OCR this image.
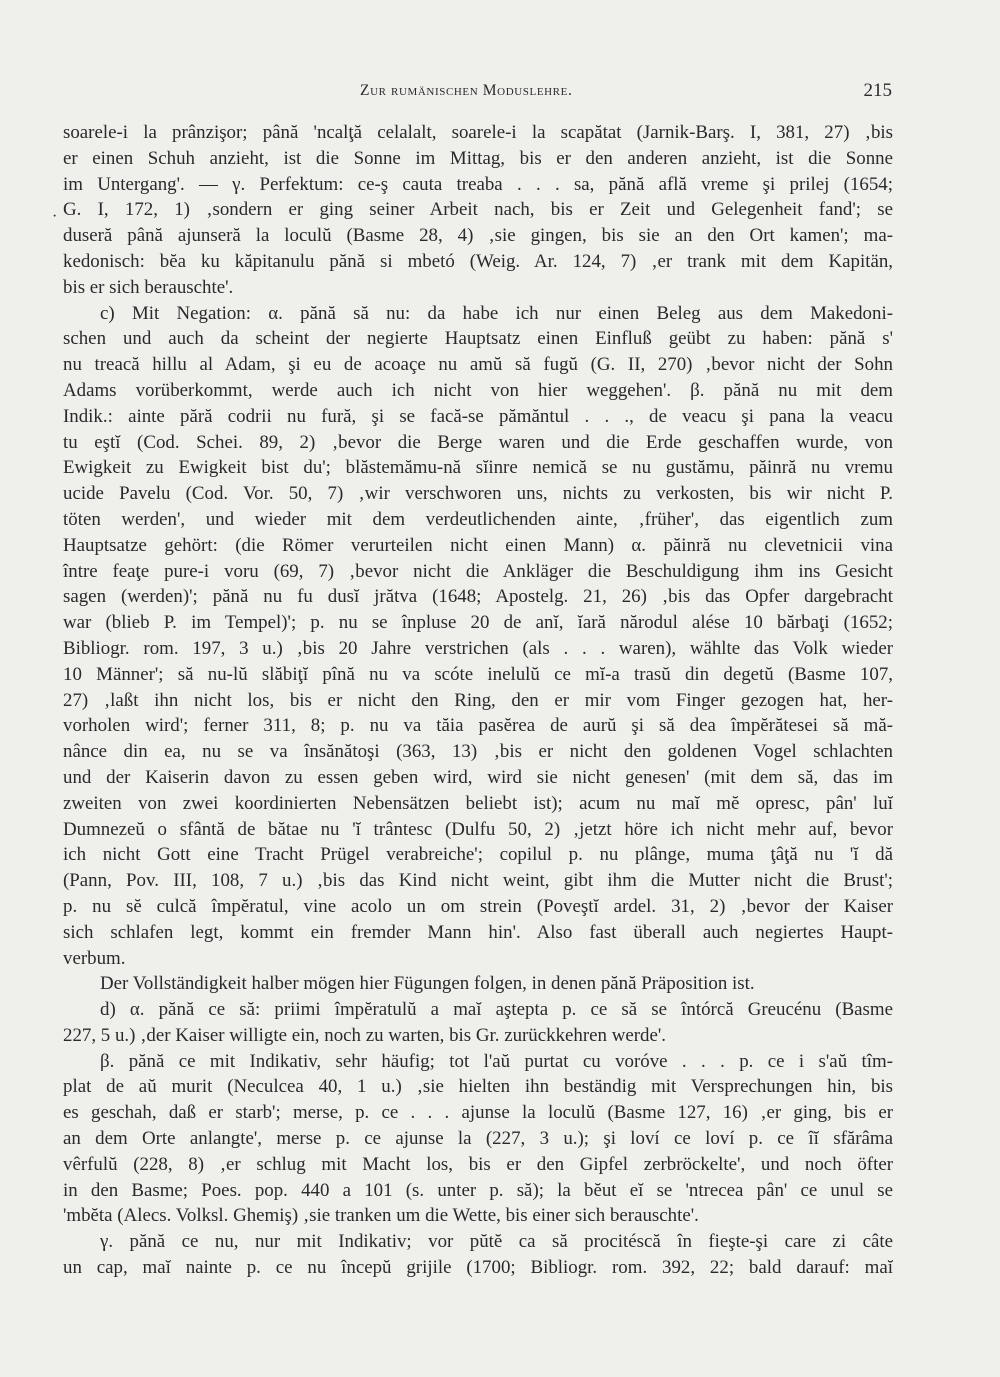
Zur rumänischen Moduslehre.	215
·
soarele-i la prânzişor; până 'ncalţă celalalt, soarele-i la scapătat (Jarnik-Barş. I, 381, 27) ‚bis
er einen Schuh anzieht, ist die Sonne im Mittag, bis er den anderen anzieht, ist die Sonne
im Untergang'. — γ. Perfektum: ce-ş cauta treaba . . . sa, pănă află vreme şi prilej (1654;
G. I, 172, 1) ‚sondern er ging seiner Arbeit nach, bis er Zeit und Gelegenheit fand'; se
duseră până ajunseră la loculŭ (Basme 28, 4) ‚sie gingen, bis sie an den Ort kamen'; ma-
kedonisch: bĕa ku kăpitanulu pănă si mbetó (Weig. Ar. 124, 7) ‚er trank mit dem Kapitän,
bis er sich berauschte'.
c) Mit Negation: α. pănă să nu: da habe ich nur einen Beleg aus dem Makedoni-
schen und auch da scheint der negierte Hauptsatz einen Einfluß geübt zu haben: pănă s'
nu treacă hillu al Adam, şi eu de acoaçe nu amŭ să fugŭ (G. II, 270) ‚bevor nicht der Sohn
Adams vorüberkommt, werde auch ich nicht von hier weggehen'. β. pănă nu mit dem
Indik.: ainte pără codrii nu fură, şi se facă-se pămăntul . . ., de veacu şi pana la veacu
tu eştĭ (Cod. Schei. 89, 2) ‚bevor die Berge waren und die Erde geschaffen wurde, von
Ewigkeit zu Ewigkeit bist du'; blăstemămu-nă sĭinre nemică se nu gustămu, păinră nu vremu
ucide Pavelu (Cod. Vor. 50, 7) ‚wir verschworen uns, nichts zu verkosten, bis wir nicht P.
töten werden', und wieder mit dem verdeutlichenden ainte, ‚früher', das eigentlich zum
Hauptsatze gehört: (die Römer verurteilen nicht einen Mann) α. păinră nu clevetnicii vina
între feaţe pure-i voru (69, 7) ‚bevor nicht die Ankläger die Beschuldigung ihm ins Gesicht
sagen (werden)'; pănă nu fu dusĭ jrătva (1648; Apostelg. 21, 26) ‚bis das Opfer dargebracht
war (blieb P. im Tempel)'; p. nu se înpluse 20 de anĭ, ĭară nărodul alése 10 bărbaţi (1652;
Bibliogr. rom. 197, 3 u.) ‚bis 20 Jahre verstrichen (als . . . waren), wählte das Volk wieder
10 Männer'; să nu-lŭ slăbiţĭ pînă nu va scóte inelulŭ ce mĭ-a trasŭ din degetŭ (Basme 107,
27) ‚laßt ihn nicht los, bis er nicht den Ring, den er mir vom Finger gezogen hat, her-
vorholen wird'; ferner 311, 8; p. nu va tăia pasĕrea de aurŭ şi să dea împĕrătesei să mă-
nânce din ea, nu se va însănătoşi (363, 13) ‚bis er nicht den goldenen Vogel schlachten
und der Kaiserin davon zu essen geben wird, wird sie nicht genesen' (mit dem să, das im
zweiten von zwei koordinierten Nebensätzen beliebt ist); acum nu maĭ mĕ opresc, pân' luĭ
Dumnezeŭ o sfântă de bătae nu 'ĭ trântesc (Dulfu 50, 2) ‚jetzt höre ich nicht mehr auf, bevor
ich nicht Gott eine Tracht Prügel verabreiche'; copilul p. nu plânge, muma ţâţă nu 'ĭ dă
(Pann, Pov. III, 108, 7 u.) ‚bis das Kind nicht weint, gibt ihm die Mutter nicht die Brust';
p. nu sĕ culcă împĕratul, vine acolo un om strein (Poveştĭ ardel. 31, 2) ‚bevor der Kaiser
sich schlafen legt, kommt ein fremder Mann hin'. Also fast überall auch negiertes Haupt-
verbum.
Der Vollständigkeit halber mögen hier Fügungen folgen, in denen pănă Präposition ist.
d) α. pănă ce să: priimi împĕratulŭ a maĭ aştepta p. ce să se întórcă Greucénu (Basme
227, 5 u.) ‚der Kaiser willigte ein, noch zu warten, bis Gr. zurückkehren werde'.
β. pănă ce mit Indikativ, sehr häufig; tot l'aŭ purtat cu voróve . . . p. ce i s'aŭ tîm-
plat de aŭ murit (Neculcea 40, 1 u.) ‚sie hielten ihn beständig mit Versprechungen hin, bis
es geschah, daß er starb'; merse, p. ce . . . ajunse la loculŭ (Basme 127, 16) ‚er ging, bis er
an dem Orte anlangte', merse p. ce ajunse la (227, 3 u.); şi loví ce loví p. ce îĭ sfărâma
vêrfulŭ (228, 8) ‚er schlug mit Macht los, bis er den Gipfel zerbröckelte', und noch öfter
in den Basme; Poes. pop. 440 a 101 (s. unter p. să); la bĕut eĭ se 'ntrecea pân' ce unul se
'mbĕta (Alecs. Volksl. Ghemiş) ‚sie tranken um die Wette, bis einer sich berauschte'.
γ. pănă ce nu, nur mit Indikativ; vor pŭtĕ ca să procitéscă în fieşte-şi care zi câte
un cap, maĭ nainte p. ce nu începŭ grijile (1700; Bibliogr. rom. 392, 22; bald darauf: maĭ
